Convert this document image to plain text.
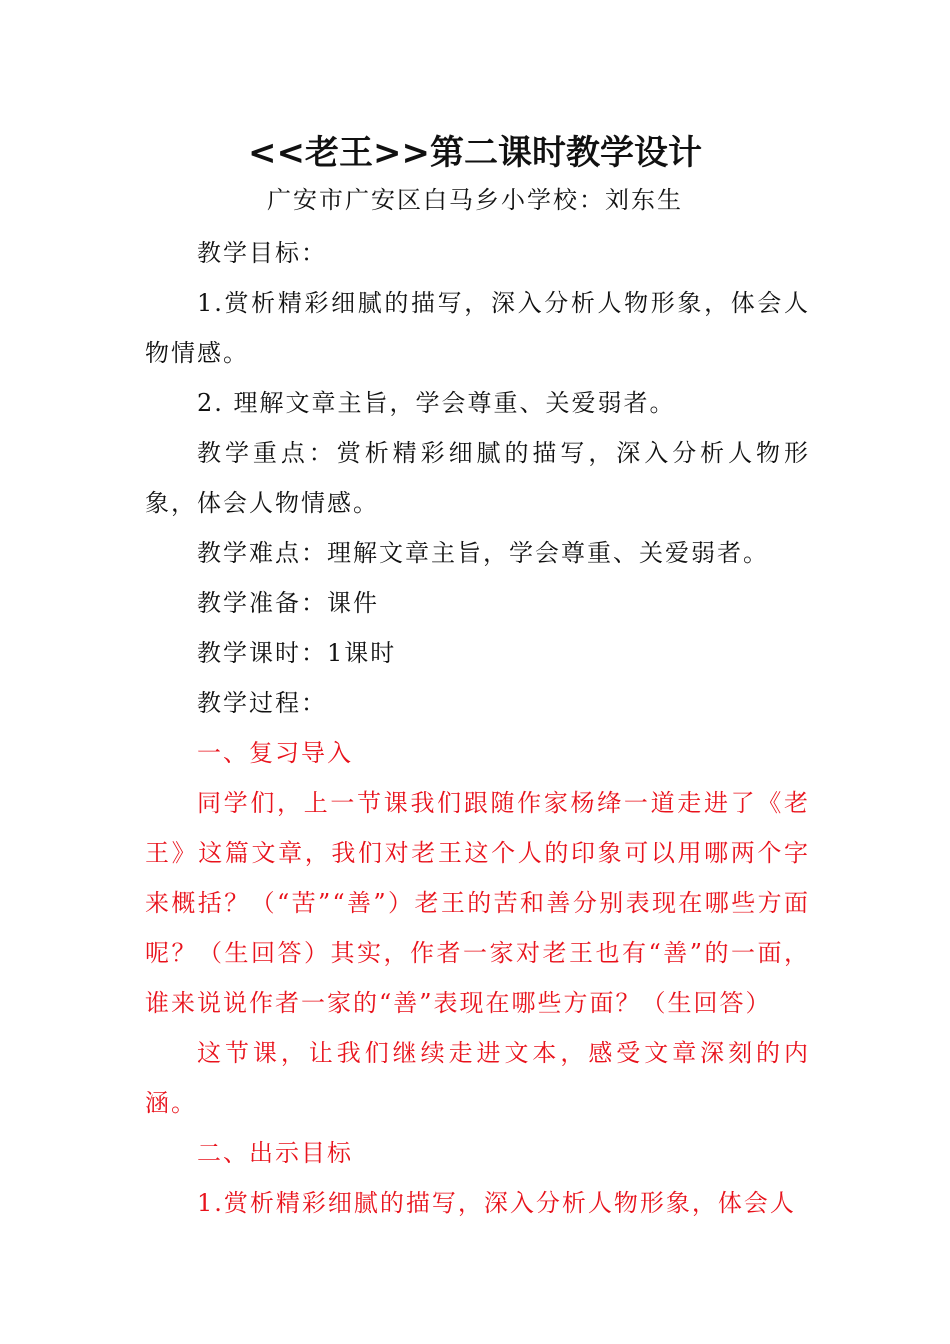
<<老王>>第二课时教学设计
广安市广安区白马乡小学校：刘东生

教学目标：

1.赏析精彩细腻的描写，深入分析人物形象，体会人物情感。

2. 理解文章主旨，学会尊重、关爱弱者。

教学重点：赏析精彩细腻的描写，深入分析人物形象，体会人物情感。

教学难点：理解文章主旨，学会尊重、关爱弱者。

教学准备：课件

教学课时：1课时

教学过程：

一、复习导入

同学们，上一节课我们跟随作家杨绛一道走进了《老王》这篇文章，我们对老王这个人的印象可以用哪两个字来概括？（“苦”“善”）老王的苦和善分别表现在哪些方面呢？（生回答）其实，作者一家对老王也有“善”的一面，谁来说说作者一家的“善”表现在哪些方面？（生回答）

这节课，让我们继续走进文本，感受文章深刻的内涵。

二、出示目标

1.赏析精彩细腻的描写，深入分析人物形象，体会人
